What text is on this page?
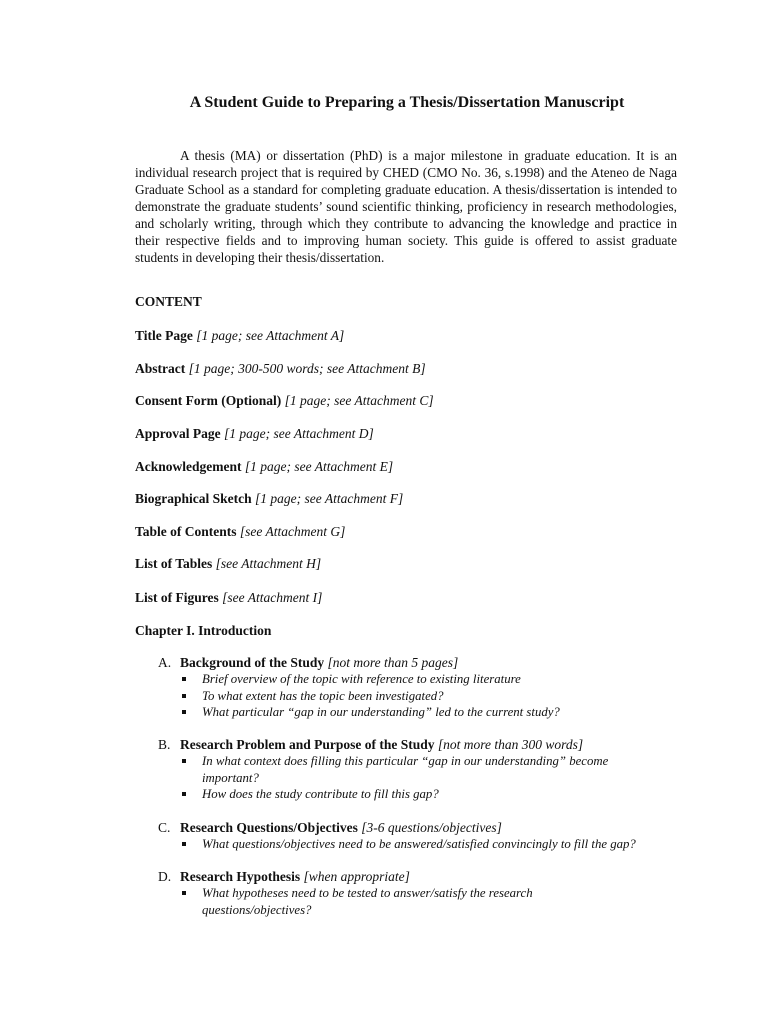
A Student Guide to Preparing a Thesis/Dissertation Manuscript

A thesis (MA) or dissertation (PhD) is a major milestone in graduate education. It is an individual research project that is required by CHED (CMO No. 36, s.1998) and the Ateneo de Naga Graduate School as a standard for completing graduate education. A thesis/dissertation is intended to demonstrate the graduate students’ sound scientific thinking, proficiency in research methodologies, and scholarly writing, through which they contribute to advancing the knowledge and practice in their respective fields and to improving human society. This guide is offered to assist graduate students in developing their thesis/dissertation.

CONTENT

Title Page [1 page; see Attachment A]

Abstract [1 page; 300-500 words; see Attachment B]

Consent Form (Optional) [1 page; see Attachment C]

Approval Page [1 page; see Attachment D]

Acknowledgement [1 page; see Attachment E]

Biographical Sketch [1 page; see Attachment F]

Table of Contents [see Attachment G]

List of Tables [see Attachment H]

List of Figures [see Attachment I]

Chapter I. Introduction

A. Background of the Study [not more than 5 pages]

Brief overview of the topic with reference to existing literature
To what extent has the topic been investigated?
What particular “gap in our understanding” led to the current study?

B. Research Problem and Purpose of the Study [not more than 300 words]

In what context does filling this particular “gap in our understanding” become important?
How does the study contribute to fill this gap?

C. Research Questions/Objectives [3-6 questions/objectives]

What questions/objectives need to be answered/satisfied convincingly to fill the gap?

D. Research Hypothesis [when appropriate]

What hypotheses need to be tested to answer/satisfy the research questions/objectives?
